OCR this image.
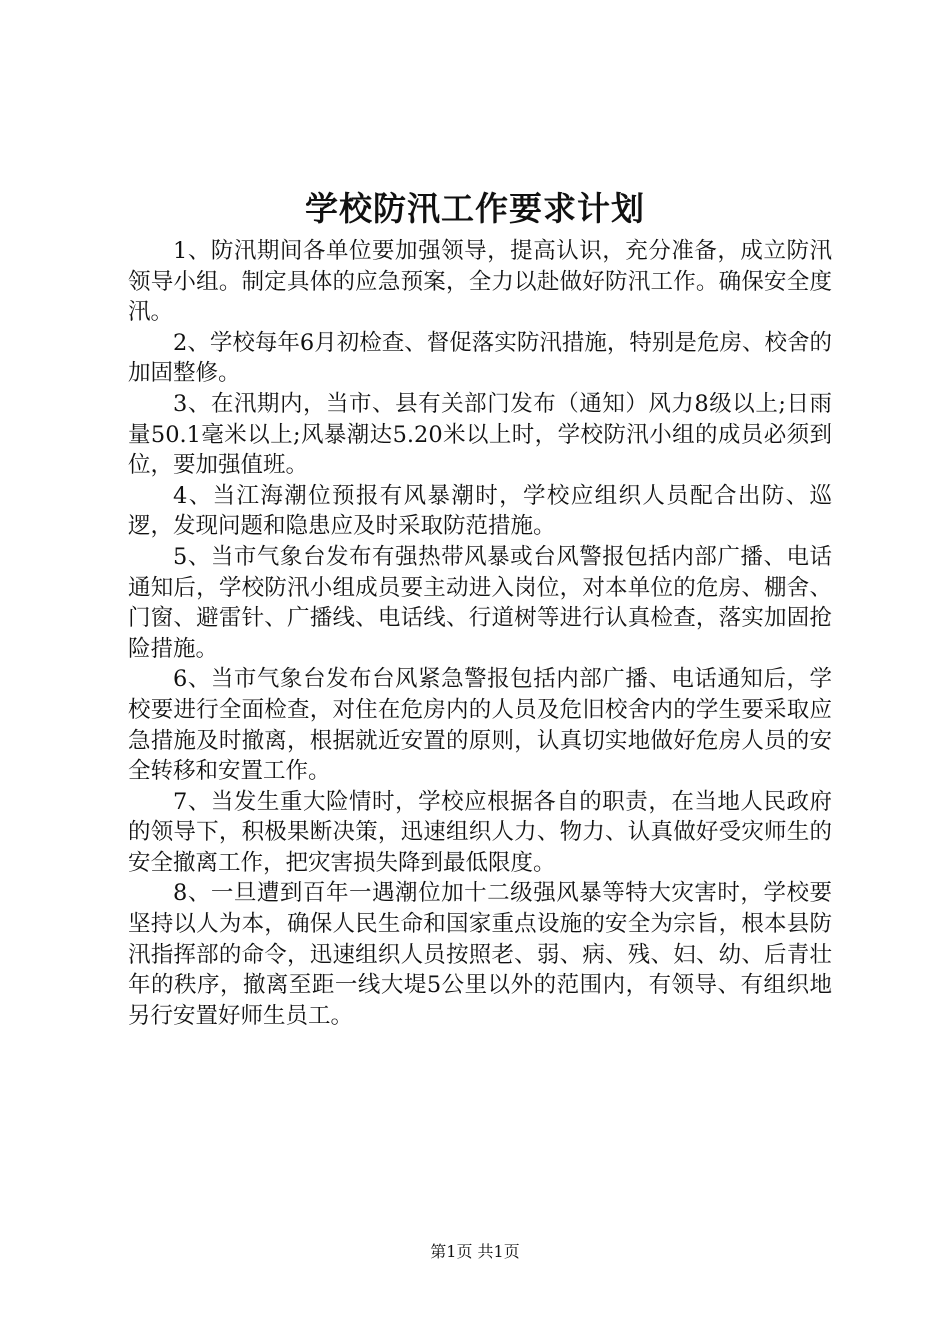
学校防汛工作要求计划

1、防汛期间各单位要加强领导，提高认识，充分准备，成立防汛领导小组。制定具体的应急预案，全力以赴做好防汛工作。确保安全度汛。

2、学校每年6月初检查、督促落实防汛措施，特别是危房、校舍的加固整修。

3、在汛期内，当市、县有关部门发布（通知）风力8级以上;日雨量50.1毫米以上;风暴潮达5.20米以上时，学校防汛小组的成员必须到位，要加强值班。

4、当江海潮位预报有风暴潮时，学校应组织人员配合出防、巡逻，发现问题和隐患应及时采取防范措施。

5、当市气象台发布有强热带风暴或台风警报包括内部广播、电话通知后，学校防汛小组成员要主动进入岗位，对本单位的危房、棚舍、门窗、避雷针、广播线、电话线、行道树等进行认真检查，落实加固抢险措施。

6、当市气象台发布台风紧急警报包括内部广播、电话通知后，学校要进行全面检查，对住在危房内的人员及危旧校舍内的学生要采取应急措施及时撤离，根据就近安置的原则，认真切实地做好危房人员的安全转移和安置工作。

7、当发生重大险情时，学校应根据各自的职责，在当地人民政府的领导下，积极果断决策，迅速组织人力、物力、认真做好受灾师生的安全撤离工作，把灾害损失降到最低限度。

8、一旦遭到百年一遇潮位加十二级强风暴等特大灾害时，学校要坚持以人为本，确保人民生命和国家重点设施的安全为宗旨，根本县防汛指挥部的命令，迅速组织人员按照老、弱、病、残、妇、幼、后青壮年的秩序，撤离至距一线大堤5公里以外的范围内，有领导、有组织地另行安置好师生员工。

第1页 共1页
